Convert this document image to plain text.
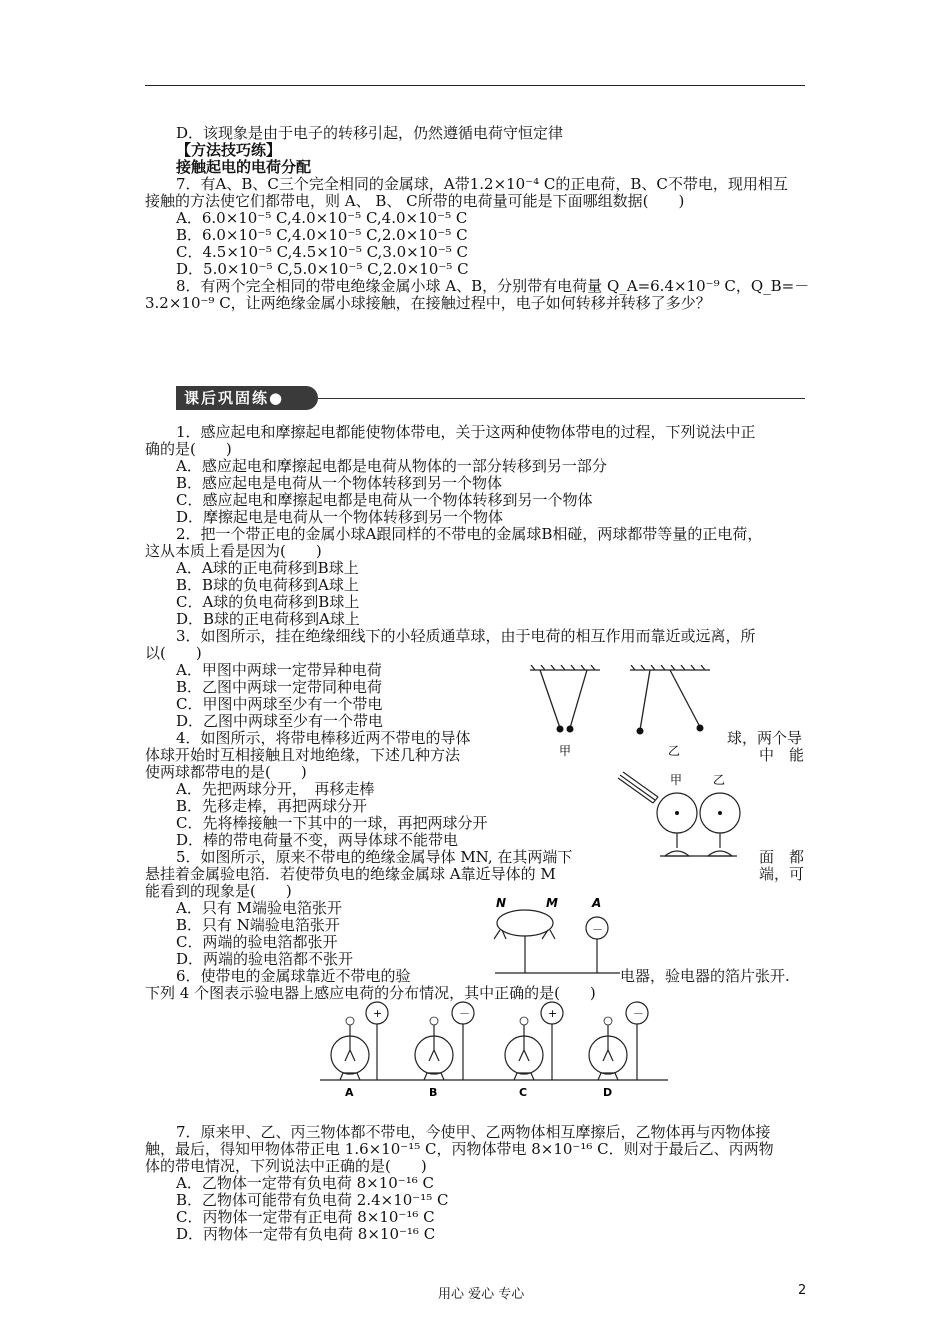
D．该现象是由于电子的转移引起，仍然遵循电荷守恒定律
【方法技巧练】
接触起电的电荷分配
7．有A、B、C三个完全相同的金属球，A带1.2×10⁻⁴ C的正电荷，B、C不带电，现用相互
接触的方法使它们都带电，则 A、 B、 C所带的电荷量可能是下面哪组数据(　　)
A．6.0×10⁻⁵ C,4.0×10⁻⁵ C,4.0×10⁻⁵ C
B．6.0×10⁻⁵ C,4.0×10⁻⁵ C,2.0×10⁻⁵ C
C．4.5×10⁻⁵ C,4.5×10⁻⁵ C,3.0×10⁻⁵ C
D．5.0×10⁻⁵ C,5.0×10⁻⁵ C,2.0×10⁻⁵ C
8．有两个完全相同的带电绝缘金属小球 A、B，分别带有电荷量 Q_A=6.4×10⁻⁹ C，Q_B=－
3.2×10⁻⁹ C，让两绝缘金属小球接触，在接触过程中，电子如何转移并转移了多少？
课后巩固练●
1．感应起电和摩擦起电都能使物体带电，关于这两种使物体带电的过程，下列说法中正
确的是(　　)
A．感应起电和摩擦起电都是电荷从物体的一部分转移到另一部分
B．感应起电是电荷从一个物体转移到另一个物体
C．感应起电和摩擦起电都是电荷从一个物体转移到另一个物体
D．摩擦起电是电荷从一个物体转移到另一个物体
2．把一个带正电的金属小球A跟同样的不带电的金属球B相碰，两球都带等量的正电荷，
这从本质上看是因为(　　)
A．A球的正电荷移到B球上
B．B球的负电荷移到A球上
C．A球的负电荷移到B球上
D．B球的正电荷移到A球上
3．如图所示，挂在绝缘细线下的小轻质通草球，由于电荷的相互作用而靠近或远离，所
以(　　)
A．甲图中两球一定带异种电荷
B．乙图中两球一定带同种电荷
C．甲图中两球至少有一个带电
D．乙图中两球至少有一个带电
4．如图所示，将带电棒移近两不带电的导体	球，两个导
体球开始时互相接触且对地绝缘，下述几种方法	中　能
使两球都带电的是(　　)
A．先把两球分开，　再移走棒
B．先移走棒，再把两球分开
C．先将棒接触一下其中的一球，再把两球分开
D．棒的带电荷量不变，两导体球不能带电
5．如图所示，原来不带电的绝缘金属导体 MN, 在其两端下	面　都
悬挂着金属验电箔．若使带负电的绝缘金属球 A靠近导体的 M	端，可
能看到的现象是(　　)
A．只有 M端验电箔张开
B．只有 N端验电箔张开
C．两端的验电箔都张开
D．两端的验电箔都不张开
6．使带电的金属球靠近不带电的验	电器，验电器的箔片张开.
下列 4 个图表示验电器上感应电荷的分布情况，其中正确的是(　　)
7．原来甲、乙、丙三物体都不带电，今使甲、乙两物体相互摩擦后，乙物体再与丙物体接
触，最后，得知甲物体带正电 1.6×10⁻¹⁵ C，丙物体带电 8×10⁻¹⁶ C．则对于最后乙、丙两物
体的带电情况，下列说法中正确的是(　　)
A．乙物体一定带有负电荷 8×10⁻¹⁶ C
B．乙物体可能带有负电荷 2.4×10⁻¹⁵ C
C．丙物体一定带有正电荷 8×10⁻¹⁶ C
D．丙物体一定带有负电荷 8×10⁻¹⁶ C
甲	乙
甲	乙
N	M	A
－
+	－	+	－
A	B	C	D
用心 爱心 专心	2
